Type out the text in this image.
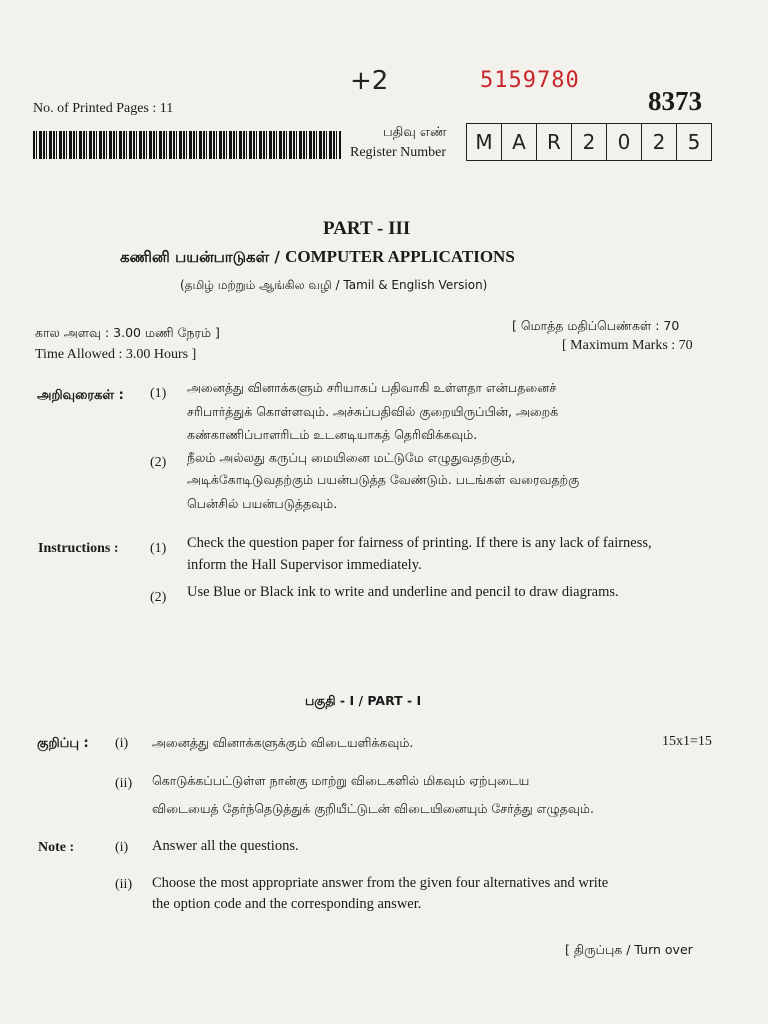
+2	5159780
8373
No. of Printed Pages : 11
பதிவு எண்
Register Number	M A	R	2	0	2	5
PART - III
கணினி பயன்பாடுகள் / COMPUTER APPLICATIONS
(தமிழ் மற்றும் ஆங்கில வழி / Tamil & English Version)
கால அளவு : 3.00 மணி நேரம் ]
Time Allowed : 3.00 Hours ]
[ மொத்த மதிப்பெண்கள் : 70
[ Maximum Marks : 70
அறிவுரைகள் : (1) அனைத்து வினாக்களும் சரியாகப் பதிவாகி உள்ளதா என்பதனைச்
சரிபார்த்துக் கொள்ளவும். அச்சுப்பதிவில் குறையிருப்பின், அறைக்
கண்காணிப்பாளரிடம் உடனடியாகத் தெரிவிக்கவும்.
(2) நீலம் அல்லது கருப்பு மையினை மட்டுமே எழுதுவதற்கும்,
அடிக்கோடிடுவதற்கும் பயன்படுத்த வேண்டும். படங்கள் வரைவதற்கு
பென்சில் பயன்படுத்தவும்.
Instructions : (1) Check the question paper for fairness of printing. If there is any lack of fairness,
inform the Hall Supervisor immediately.
(2) Use Blue or Black ink to write and underline and pencil to draw diagrams.
பகுதி - I / PART - I
குறிப்பு : (i) அனைத்து வினாக்களுக்கும் விடையளிக்கவும்.	15x1=15
(ii) கொடுக்கப்பட்டுள்ள நான்கு மாற்று விடைகளில் மிகவும் ஏற்புடைய
விடையைத் தேர்ந்தெடுத்துக் குறியீட்டுடன் விடையினையும் சேர்த்து எழுதவும்.
Note :	(i) Answer all the questions.
(ii) Choose the most appropriate answer from the given four alternatives and write
the option code and the corresponding answer.
[ திருப்புக / Turn over
